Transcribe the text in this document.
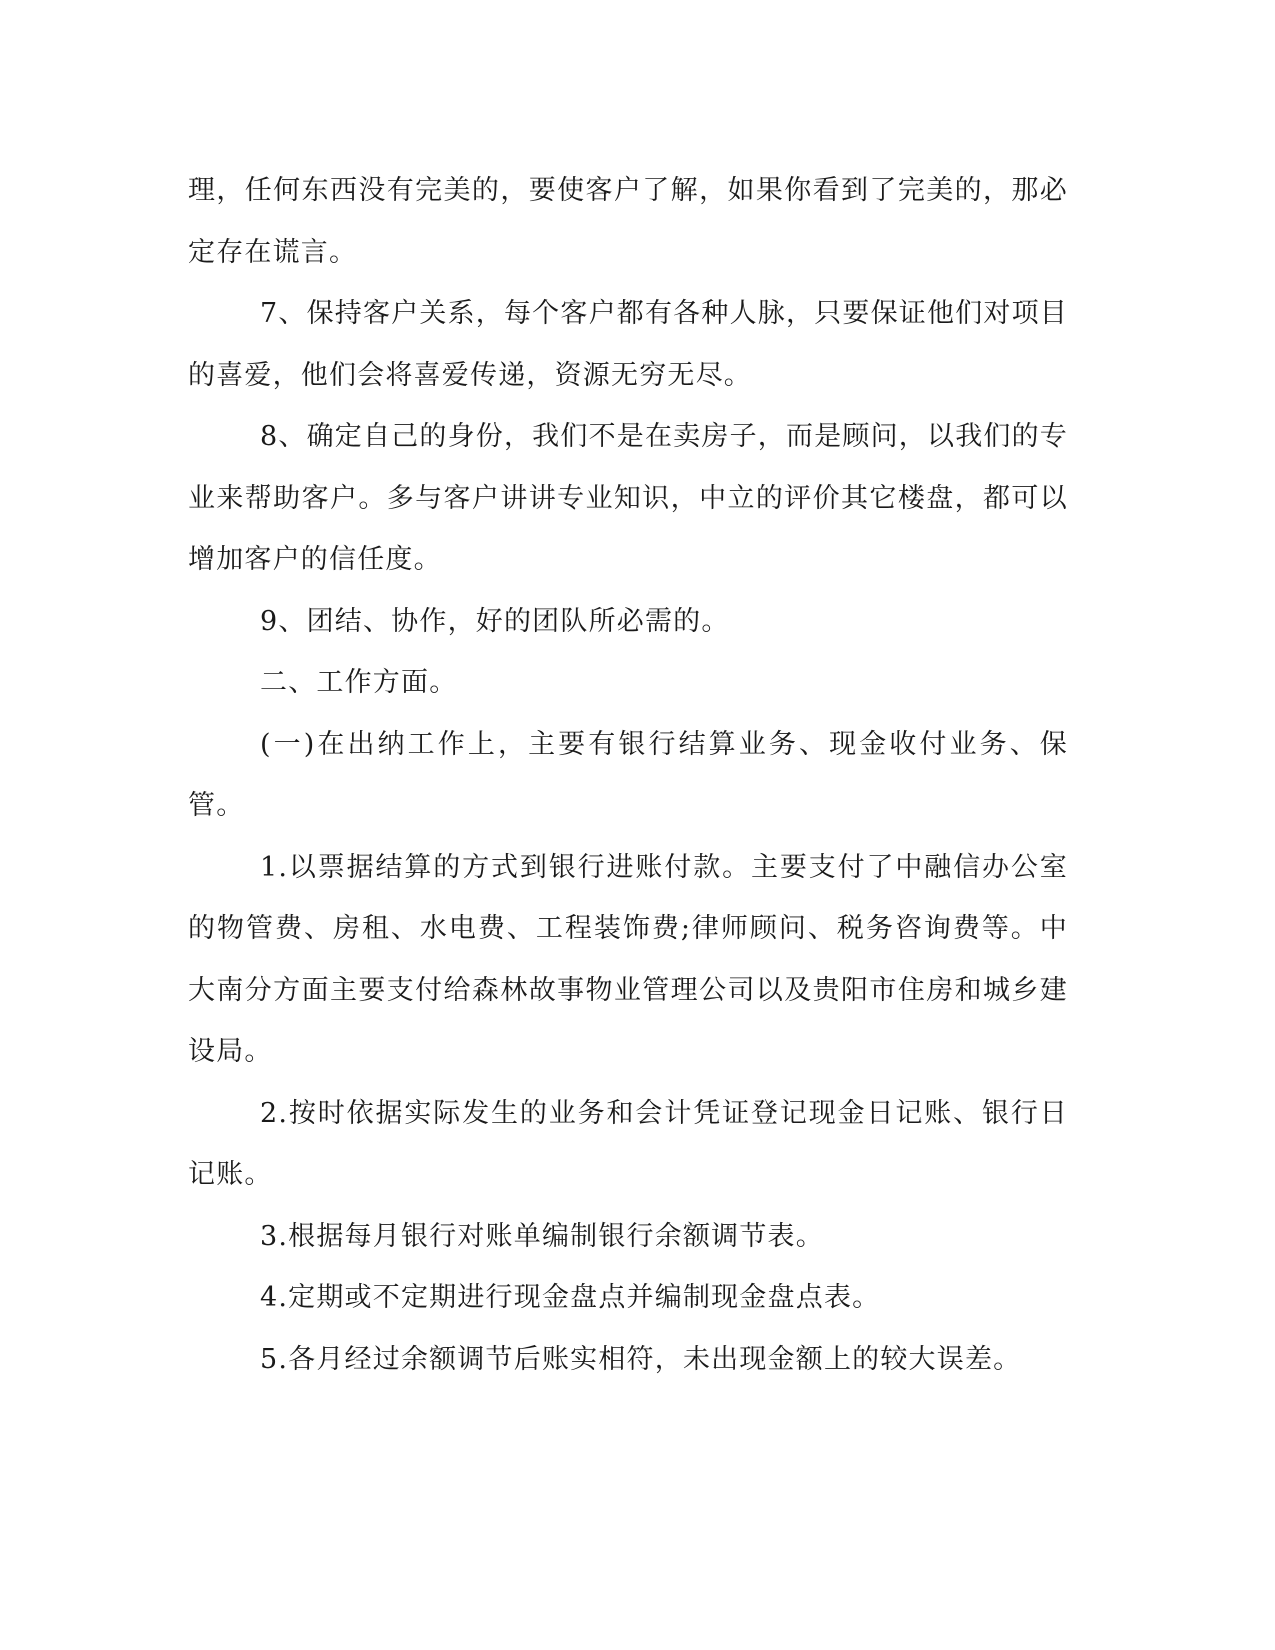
理，任何东西没有完美的，要使客户了解，如果你看到了完美的，那必定存在谎言。

7、保持客户关系，每个客户都有各种人脉，只要保证他们对项目的喜爱，他们会将喜爱传递，资源无穷无尽。

8、确定自己的身份，我们不是在卖房子，而是顾问，以我们的专业来帮助客户。多与客户讲讲专业知识，中立的评价其它楼盘，都可以增加客户的信任度。

9、团结、协作，好的团队所必需的。

二、工作方面。

(一)在出纳工作上，主要有银行结算业务、现金收付业务、保管。

1.以票据结算的方式到银行进账付款。主要支付了中融信办公室的物管费、房租、水电费、工程装饰费;律师顾问、税务咨询费等。中大南分方面主要支付给森林故事物业管理公司以及贵阳市住房和城乡建设局。

2.按时依据实际发生的业务和会计凭证登记现金日记账、银行日记账。

3.根据每月银行对账单编制银行余额调节表。

4.定期或不定期进行现金盘点并编制现金盘点表。

5.各月经过余额调节后账实相符，未出现金额上的较大误差。
